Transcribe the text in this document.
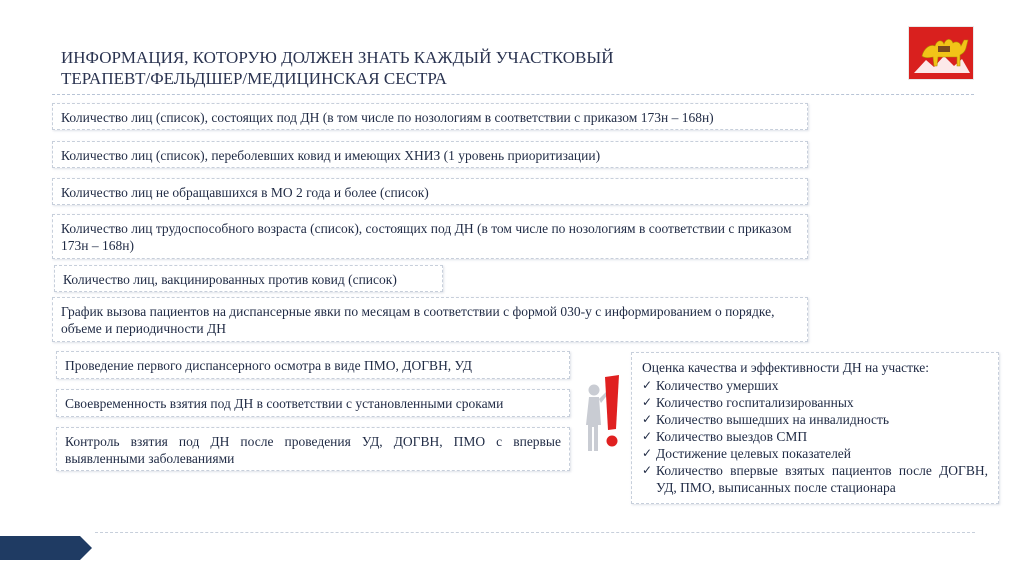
ИНФОРМАЦИЯ, КОТОРУЮ ДОЛЖЕН ЗНАТЬ КАЖДЫЙ УЧАСТКОВЫЙ
ТЕРАПЕВТ/ФЕЛЬДШЕР/МЕДИЦИНСКАЯ СЕСТРА
Количество лиц (список), состоящих под ДН (в том числе по нозологиям в соответствии с приказом 173н – 168н)
Количество лиц (список), переболевших ковид и имеющих ХНИЗ (1 уровень приоритизации)
Количество лиц не обращавшихся в МО 2 года и более (список)
Количество лиц трудоспособного возраста (список), состоящих под ДН (в том числе по нозологиям в соответствии с приказом 173н – 168н)
Количество лиц, вакцинированных против ковид (список)
График вызова пациентов на диспансерные явки по месяцам в соответствии с формой 030-у с информированием о порядке, объеме и периодичности ДН
Проведение первого диспансерного осмотра в виде ПМО, ДОГВН, УД
Своевременность взятия под ДН в соответствии с установленными сроками
Контроль взятия под ДН после проведения УД, ДОГВН, ПМО с впервые выявленными заболеваниями
Оценка качества и эффективности ДН на участке:
✓ Количество умерших
✓ Количество госпитализированных
✓ Количество вышедших на инвалидность
✓ Количество выездов СМП
✓ Достижение целевых показателей
✓ Количество впервые взятых пациентов после ДОГВН, УД, ПМО, выписанных после стационара
